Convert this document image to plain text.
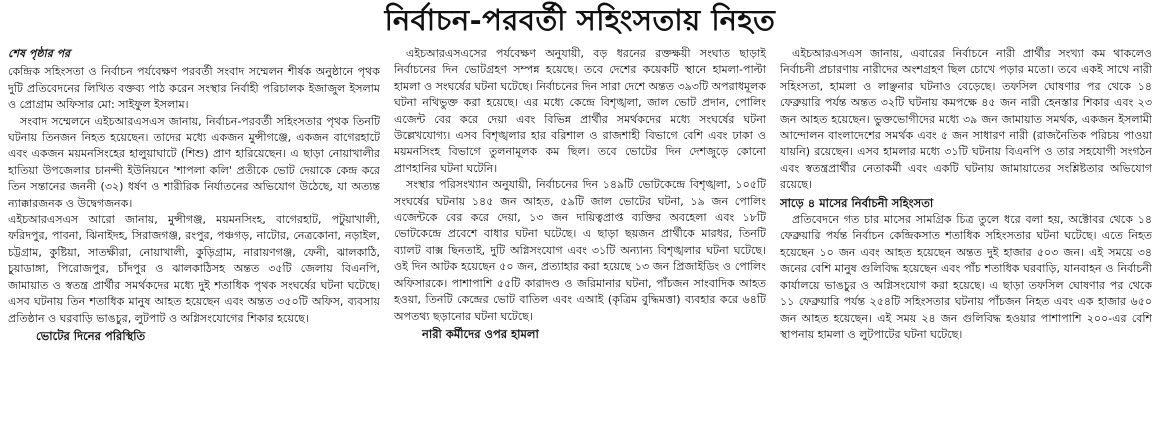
নির্বাচন-পরবর্তী সহিংসতায় নিহত
শেষ পৃষ্ঠার পর

কেন্দ্রিক সহিংসতা ও নির্বাচন পর্যবেক্ষণ পরবর্তী সংবাদ সম্মেলন শীর্ষক অনুষ্ঠানে পৃথক দুটি প্রতিবেদনের লিখিত বক্তব্য পাঠ করেন সংস্থার নির্বাহী পরিচালক ইজাজুল ইসলাম ও প্রোগ্রাম অফিসার মো: সাইফুল ইসলাম।

সংবাদ সম্মেলনে এইচআরএসএস জানায়, নির্বাচন-পরবর্তী সহিংসতার পৃথক তিনটি ঘটনায় তিনজন নিহত হয়েছেন। তাদের মধ্যে একজন মুন্সীগঞ্জে, একজন বাগেরহাটে এবং একজন ময়মনসিংহের হালুয়াঘাটে (শিশু) প্রাণ হারিয়েছেন। এ ছাড়া নোয়াখালীর হাতিয়া উপজেলার চানন্দী ইউনিয়নে 'শাপলা কলি' প্রতীকে ভোট দেয়াকে কেন্দ্র করে তিন সন্তানের জননী (৩২) ধর্ষণ ও শারীরিক নির্যাতনের অভিযোগ উঠেছে, যা অত্যন্ত ন্যাক্কারজনক ও উদ্বেগজনক।

এইচআরএসএস আরো জানায়, মুন্সীগঞ্জ, ময়মনসিংহ, বাগেরহাট, পটুয়াখালী, ফরিদপুর, পাবনা, ঝিনাইদহ, সিরাজগঞ্জ, রংপুর, পঞ্চগড়, নাটোর, নেত্রকোনা, নড়াইল, চট্টগ্রাম, কুষ্টিয়া, সাতক্ষীরা, নোয়াখালী, কুড়িগ্রাম, নারায়ণগঞ্জ, ফেনী, ঝালকাঠি, চুয়াডাঙ্গা, পিরোজপুর, চাঁদপুর ও ঝালকাঠিসহ অন্তত ৩৫টি জেলায় বিএনপি, জামায়াত ও স্বতন্ত্র প্রার্থীর সমর্থকদের মধ্যে দুই শতাধিক পৃথক সংঘর্ষের ঘটনা ঘটেছে। এসব ঘটনায় তিন শতাধিক মানুষ আহত হয়েছেন এবং অন্তত ৩৫০টি অফিস, ব্যবসায় প্রতিষ্ঠান ও ঘরবাড়ি ভাঙচুর, লুটপাট ও অগ্নিসংযোগের শিকার হয়েছে।

ভোটের দিনের পরিস্থিতি

এইচআরএসএসের পর্যবেক্ষণ অনুযায়ী, বড় ধরনের রক্তক্ষয়ী সংঘাত ছাড়াই নির্বাচনের দিন ভোটগ্রহণ সম্পন্ন হয়েছে। তবে দেশের কয়েকটি স্থানে হামলা-পাল্টা হামলা ও সংঘর্ষের ঘটনা ঘটেছে। নির্বাচনের দিন সারা দেশে অন্তত ৩৯৩টি অপরাধমূলক ঘটনা নথিভুক্ত করা হয়েছে। এর মধ্যে কেন্দ্রে বিশৃঙ্খলা, জাল ভোট প্রদান, পোলিং এজেন্ট বের করে দেয়া এবং বিভিন্ন প্রার্থীর সমর্থকদের মধ্যে সংঘর্ষের ঘটনা উল্লেখযোগ্য। এসব বিশৃঙ্খলার হার বরিশাল ও রাজশাহী বিভাগে বেশি এবং ঢাকা ও ময়মনসিংহ বিভাগে তুলনামূলক কম ছিল। তবে ভোটের দিন দেশজুড়ে কোনো প্রাণহানির ঘটনা ঘটেনি।

সংস্থার পরিসংখ্যান অনুযায়ী, নির্বাচনের দিন ১৪৯টি ভোটকেন্দ্রে বিশৃঙ্খলা, ১০৫টি সংঘর্ষের ঘটনায় ১৪৫ জন আহত, ৫৯টি জাল ভোটের ঘটনা, ১৯ জন পোলিং এজেন্টকে বের করে দেয়া, ১৩ জন দায়িত্বপ্রাপ্ত ব্যক্তির অবহেলা এবং ১৮টি ভোটকেন্দ্রে প্রবেশে বাধার ঘটনা ঘটেছে। এ ছাড়া ছয়জন প্রার্থীকে মারধর, তিনটি ব্যালট বাক্স ছিনতাই, দুটি অগ্নিসংযোগ এবং ৩১টি অন্যান্য বিশৃঙ্খলার ঘটনা ঘটেছে। ওই দিন আটক হয়েছেন ৫০ জন, প্রত্যাহার করা হয়েছে ১৩ জন প্রিজাইডিং ও পোলিং অফিসারকে। পাশাপাশি ৫৫টি কারাদণ্ড ও জরিমানার ঘটনা, পাঁচজন সাংবাদিক আহত হওয়া, তিনটি কেন্দ্রের ভোট বাতিল এবং এআই (কৃত্রিম বুদ্ধিমত্তা) ব্যবহার করে ৬৪টি অপতথ্য ছড়ানোর ঘটনা ঘটেছে।

নারী কর্মীদের ওপর হামলা

এইচআরএসএস জানায়, এবারের নির্বাচনে নারী প্রার্থীর সংখ্যা কম থাকলেও নির্বাচনী প্রচারণায় নারীদের অংশগ্রহণ ছিল চোখে পড়ার মতো। তবে একই সাথে নারী সহিংসতা, হামলা ও লাঞ্ছনার ঘটনাও বেড়েছে। তফসিল ঘোষণার পর থেকে ১৪ ফেব্রুয়ারি পর্যন্ত অন্তত ৩২টি ঘটনায় কমপক্ষে ৪৫ জন নারী হেনস্তার শিকার এবং ২৩ জন আহত হয়েছেন। ভুক্তভোগীদের মধ্যে ৩৯ জন জামায়াত সমর্থক, একজন ইসলামী আন্দোলন বাংলাদেশের সমর্থক এবং ৫ জন সাধারণ নারী (রাজনৈতিক পরিচয় পাওয়া যায়নি) রয়েছেন। এসব হামলার মধ্যে ৩১টি ঘটনায় বিএনপি ও তার সহযোগী সংগঠন এবং স্বতন্ত্রপ্রার্থীর নেতাকর্মী এবং একটি ঘটনায় জামায়াতের সংশ্লিষ্টতার অভিযোগ রয়েছে।

সাড়ে ৪ মাসের নির্বাচনী সহিংসতা

প্রতিবেদনে গত চার মাসের সামগ্রিক চিত্র তুলে ধরে বলা হয়, অক্টোবর থেকে ১৪ ফেব্রুয়ারি পর্যন্ত নির্বাচন কেন্দ্রিকসাত শতাধিক সহিংসতার ঘটনা ঘটেছে। এতে নিহত হয়েছেন ১০ জন এবং আহত হয়েছেন অন্তত দুই হাজার ৫০৩ জন। এই সময়ে ৩৪ জনের বেশি মানুষ গুলিবিদ্ধ হয়েছেন এবং পাঁচ শতাধিক ঘরবাড়ি, যানবাহন ও নির্বাচনী কার্যালয়ে ভাঙচুর ও অগ্নিসংযোগ করা হয়েছে। এ ছাড়া তফসিল ঘোষণার পর থেকে ১১ ফেব্রুয়ারি পর্যন্ত ২৫৪টি সহিংসতার ঘটনায় পাঁচজন নিহত এবং এক হাজার ৬৫০ জন আহত হয়েছেন। এই সময় ২৪ জন গুলিবিদ্ধ হওয়ার পাশাপাশি ২০০-এর বেশি স্থাপনায় হামলা ও লুটপাটের ঘটনা ঘটেছে।
